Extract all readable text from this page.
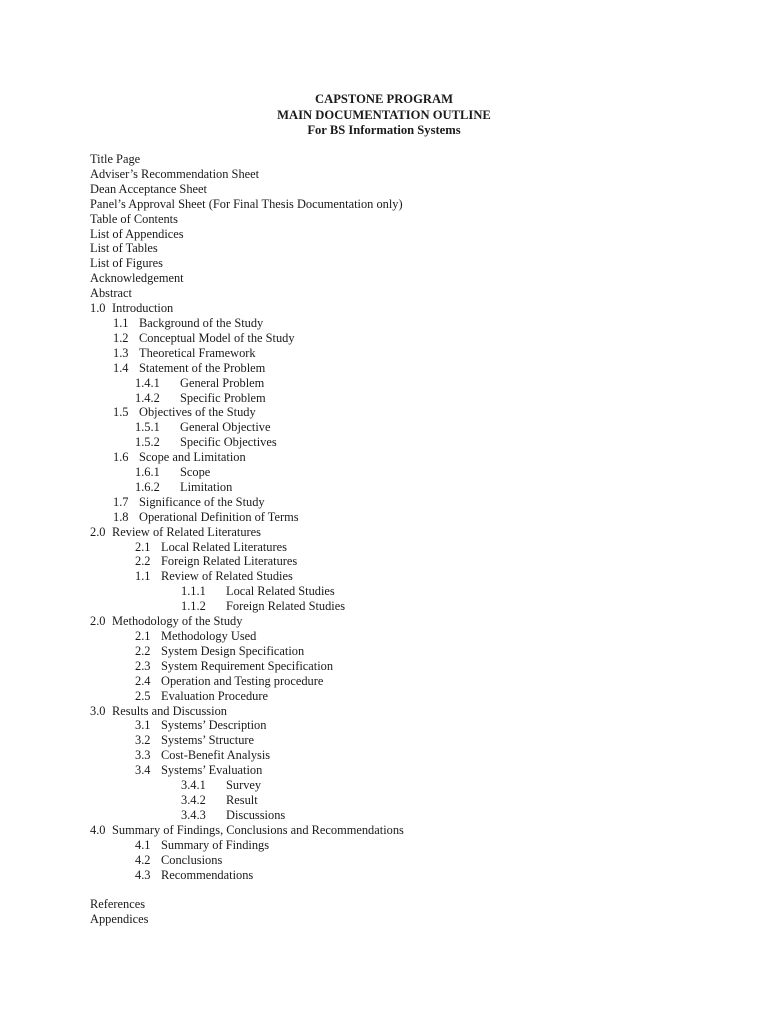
CAPSTONE PROGRAM
MAIN DOCUMENTATION OUTLINE
For BS Information Systems
Title Page
Adviser’s Recommendation Sheet
Dean Acceptance Sheet
Panel’s Approval Sheet (For Final Thesis Documentation only)
Table of Contents
List of Appendices
List of Tables
List of Figures
Acknowledgement
Abstract
1.0 Introduction
1.1 Background of the Study
1.2 Conceptual Model of the Study
1.3 Theoretical Framework
1.4 Statement of the Problem
1.4.1 General Problem
1.4.2 Specific Problem
1.5 Objectives of the Study
1.5.1 General Objective
1.5.2 Specific Objectives
1.6 Scope and Limitation
1.6.1 Scope
1.6.2 Limitation
1.7 Significance of the Study
1.8 Operational Definition of Terms
2.0 Review of Related Literatures
2.1 Local Related Literatures
2.2 Foreign Related Literatures
1.1 Review of Related Studies
1.1.1 Local Related Studies
1.1.2 Foreign Related Studies
2.0 Methodology of the Study
2.1 Methodology Used
2.2 System Design Specification
2.3 System Requirement Specification
2.4 Operation and Testing procedure
2.5 Evaluation Procedure
3.0 Results and Discussion
3.1 Systems’ Description
3.2 Systems’ Structure
3.3 Cost-Benefit Analysis
3.4 Systems’ Evaluation
3.4.1 Survey
3.4.2 Result
3.4.3 Discussions
4.0 Summary of Findings, Conclusions and Recommendations
4.1 Summary of Findings
4.2 Conclusions
4.3 Recommendations
References
Appendices
